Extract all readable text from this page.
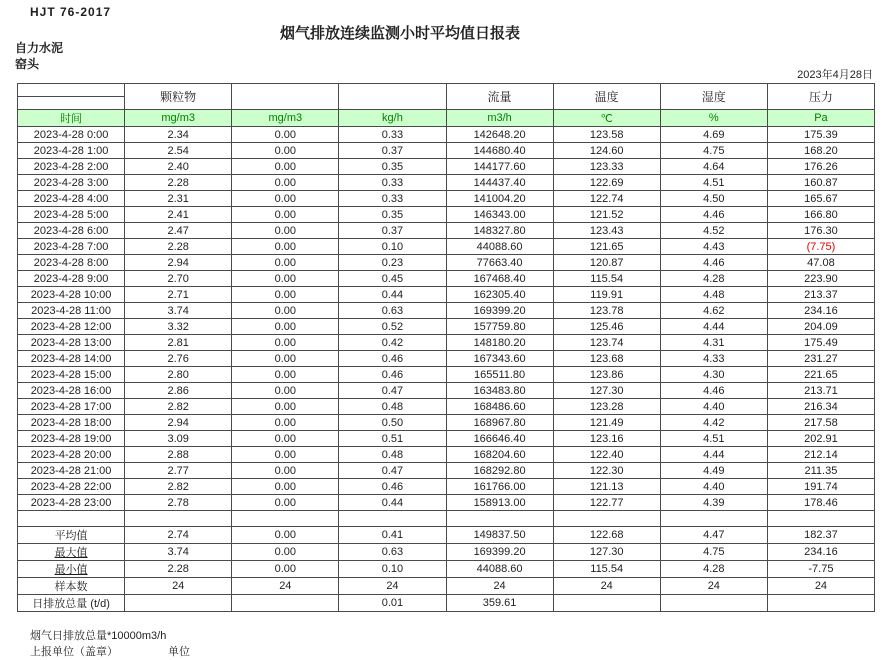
HJT 76-2017
烟气排放连续监测小时平均值日报表
自力水泥
窑头
2023年4月28日
	颗粒物			流量	温度	湿度	压力

时间	mg/m3	mg/m3	kg/h	m3/h	℃	%	Pa
2023-4-28 0:00	2.34	0.00	0.33	142648.20	123.58	4.69	175.39
2023-4-28 1:00	2.54	0.00	0.37	144680.40	124.60	4.75	168.20
2023-4-28 2:00	2.40	0.00	0.35	144177.60	123.33	4.64	176.26
2023-4-28 3:00	2.28	0.00	0.33	144437.40	122.69	4.51	160.87
2023-4-28 4:00	2.31	0.00	0.33	141004.20	122.74	4.50	165.67
2023-4-28 5:00	2.41	0.00	0.35	146343.00	121.52	4.46	166.80
2023-4-28 6:00	2.47	0.00	0.37	148327.80	123.43	4.52	176.30
2023-4-28 7:00	2.28	0.00	0.10	44088.60	121.65	4.43	(7.75)
2023-4-28 8:00	2.94	0.00	0.23	77663.40	120.87	4.46	47.08
2023-4-28 9:00	2.70	0.00	0.45	167468.40	115.54	4.28	223.90
2023-4-28 10:00	2.71	0.00	0.44	162305.40	119.91	4.48	213.37
2023-4-28 11:00	3.74	0.00	0.63	169399.20	123.78	4.62	234.16
2023-4-28 12:00	3.32	0.00	0.52	157759.80	125.46	4.44	204.09
2023-4-28 13:00	2.81	0.00	0.42	148180.20	123.74	4.31	175.49
2023-4-28 14:00	2.76	0.00	0.46	167343.60	123.68	4.33	231.27
2023-4-28 15:00	2.80	0.00	0.46	165511.80	123.86	4.30	221.65
2023-4-28 16:00	2.86	0.00	0.47	163483.80	127.30	4.46	213.71
2023-4-28 17:00	2.82	0.00	0.48	168486.60	123.28	4.40	216.34
2023-4-28 18:00	2.94	0.00	0.50	168967.80	121.49	4.42	217.58
2023-4-28 19:00	3.09	0.00	0.51	166646.40	123.16	4.51	202.91
2023-4-28 20:00	2.88	0.00	0.48	168204.60	122.40	4.44	212.14
2023-4-28 21:00	2.77	0.00	0.47	168292.80	122.30	4.49	211.35
2023-4-28 22:00	2.82	0.00	0.46	161766.00	121.13	4.40	191.74
2023-4-28 23:00	2.78	0.00	0.44	158913.00	122.77	4.39	178.46

平均值	2.74	0.00	0.41	149837.50	122.68	4.47	182.37
最大值	3.74	0.00	0.63	169399.20	127.30	4.75	234.16
最小值	2.28	0.00	0.10	44088.60	115.54	4.28	-7.75
样本数	24	24	24	24	24	24	24
日排放总量 (t/d)			0.01	359.61			
烟气日排放总量*10000m3/h
上报单位（盖章）	单位
